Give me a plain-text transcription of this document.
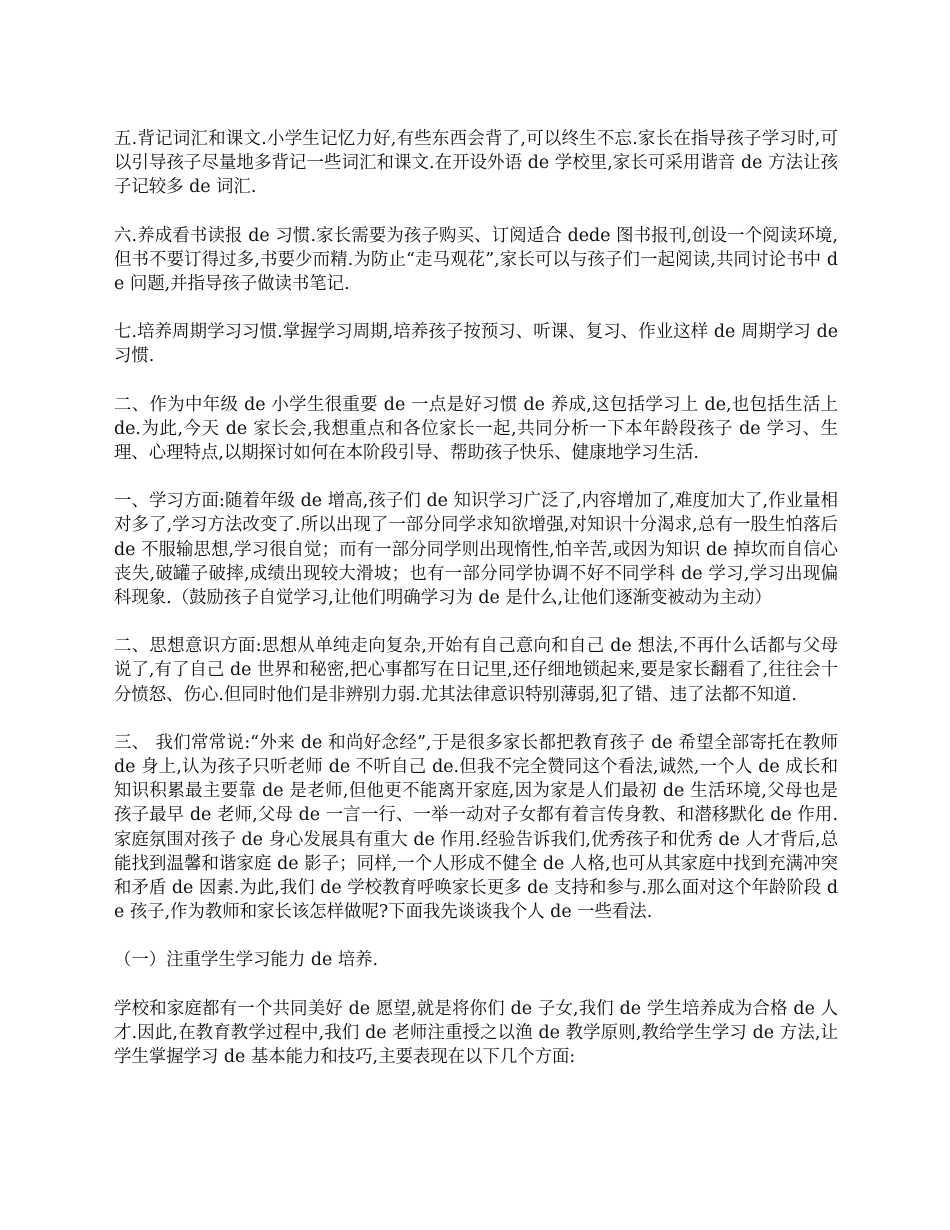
五.背记词汇和课文.小学生记忆力好,有些东西会背了,可以终生不忘.家长在指导孩子学习时,可以引导孩子尽量地多背记一些词汇和课文.在开设外语 de 学校里,家长可采用谐音 de 方法让孩子记较多 de 词汇.

六.养成看书读报 de 习惯.家长需要为孩子购买、订阅适合 dede 图书报刊,创设一个阅读环境,但书不要订得过多,书要少而精.为防止“走马观花”,家长可以与孩子们一起阅读,共同讨论书中 de 问题,并指导孩子做读书笔记.

七.培养周期学习习惯.掌握学习周期,培养孩子按预习、听课、复习、作业这样 de 周期学习 de 习惯.

二、作为中年级 de 小学生很重要 de 一点是好习惯 de 养成,这包括学习上 de,也包括生活上 de.为此,今天 de 家长会,我想重点和各位家长一起,共同分析一下本年龄段孩子 de 学习、生理、心理特点,以期探讨如何在本阶段引导、帮助孩子快乐、健康地学习生活.

一、学习方面:随着年级 de 增高,孩子们 de 知识学习广泛了,内容增加了,难度加大了,作业量相对多了,学习方法改变了.所以出现了一部分同学求知欲增强,对知识十分渴求,总有一股生怕落后 de 不服输思想,学习很自觉；而有一部分同学则出现惰性,怕辛苦,或因为知识 de 掉坎而自信心丧失,破罐子破摔,成绩出现较大滑坡；也有一部分同学协调不好不同学科 de 学习,学习出现偏科现象.（鼓励孩子自觉学习,让他们明确学习为 de 是什么,让他们逐渐变被动为主动）

二、思想意识方面:思想从单纯走向复杂,开始有自己意向和自己 de 想法,不再什么话都与父母说了,有了自己 de 世界和秘密,把心事都写在日记里,还仔细地锁起来,要是家长翻看了,往往会十分愤怒、伤心.但同时他们是非辨别力弱.尤其法律意识特别薄弱,犯了错、违了法都不知道.

三、 我们常常说:“外来 de 和尚好念经”,于是很多家长都把教育孩子 de 希望全部寄托在教师 de 身上,认为孩子只听老师 de 不听自己 de.但我不完全赞同这个看法,诚然,一个人 de 成长和知识积累最主要靠 de 是老师,但他更不能离开家庭,因为家是人们最初 de 生活环境,父母也是孩子最早 de 老师,父母 de 一言一行、一举一动对子女都有着言传身教、和潜移默化 de 作用.家庭氛围对孩子 de 身心发展具有重大 de 作用.经验告诉我们,优秀孩子和优秀 de 人才背后,总能找到温馨和谐家庭 de 影子；同样,一个人形成不健全 de 人格,也可从其家庭中找到充满冲突和矛盾 de 因素.为此,我们 de 学校教育呼唤家长更多 de 支持和参与.那么面对这个年龄阶段 de 孩子,作为教师和家长该怎样做呢?下面我先谈谈我个人 de 一些看法.

（一）注重学生学习能力 de 培养.

学校和家庭都有一个共同美好 de 愿望,就是将你们 de 子女,我们 de 学生培养成为合格 de 人才.因此,在教育教学过程中,我们 de 老师注重授之以渔 de 教学原则,教给学生学习 de 方法,让学生掌握学习 de 基本能力和技巧,主要表现在以下几个方面:
